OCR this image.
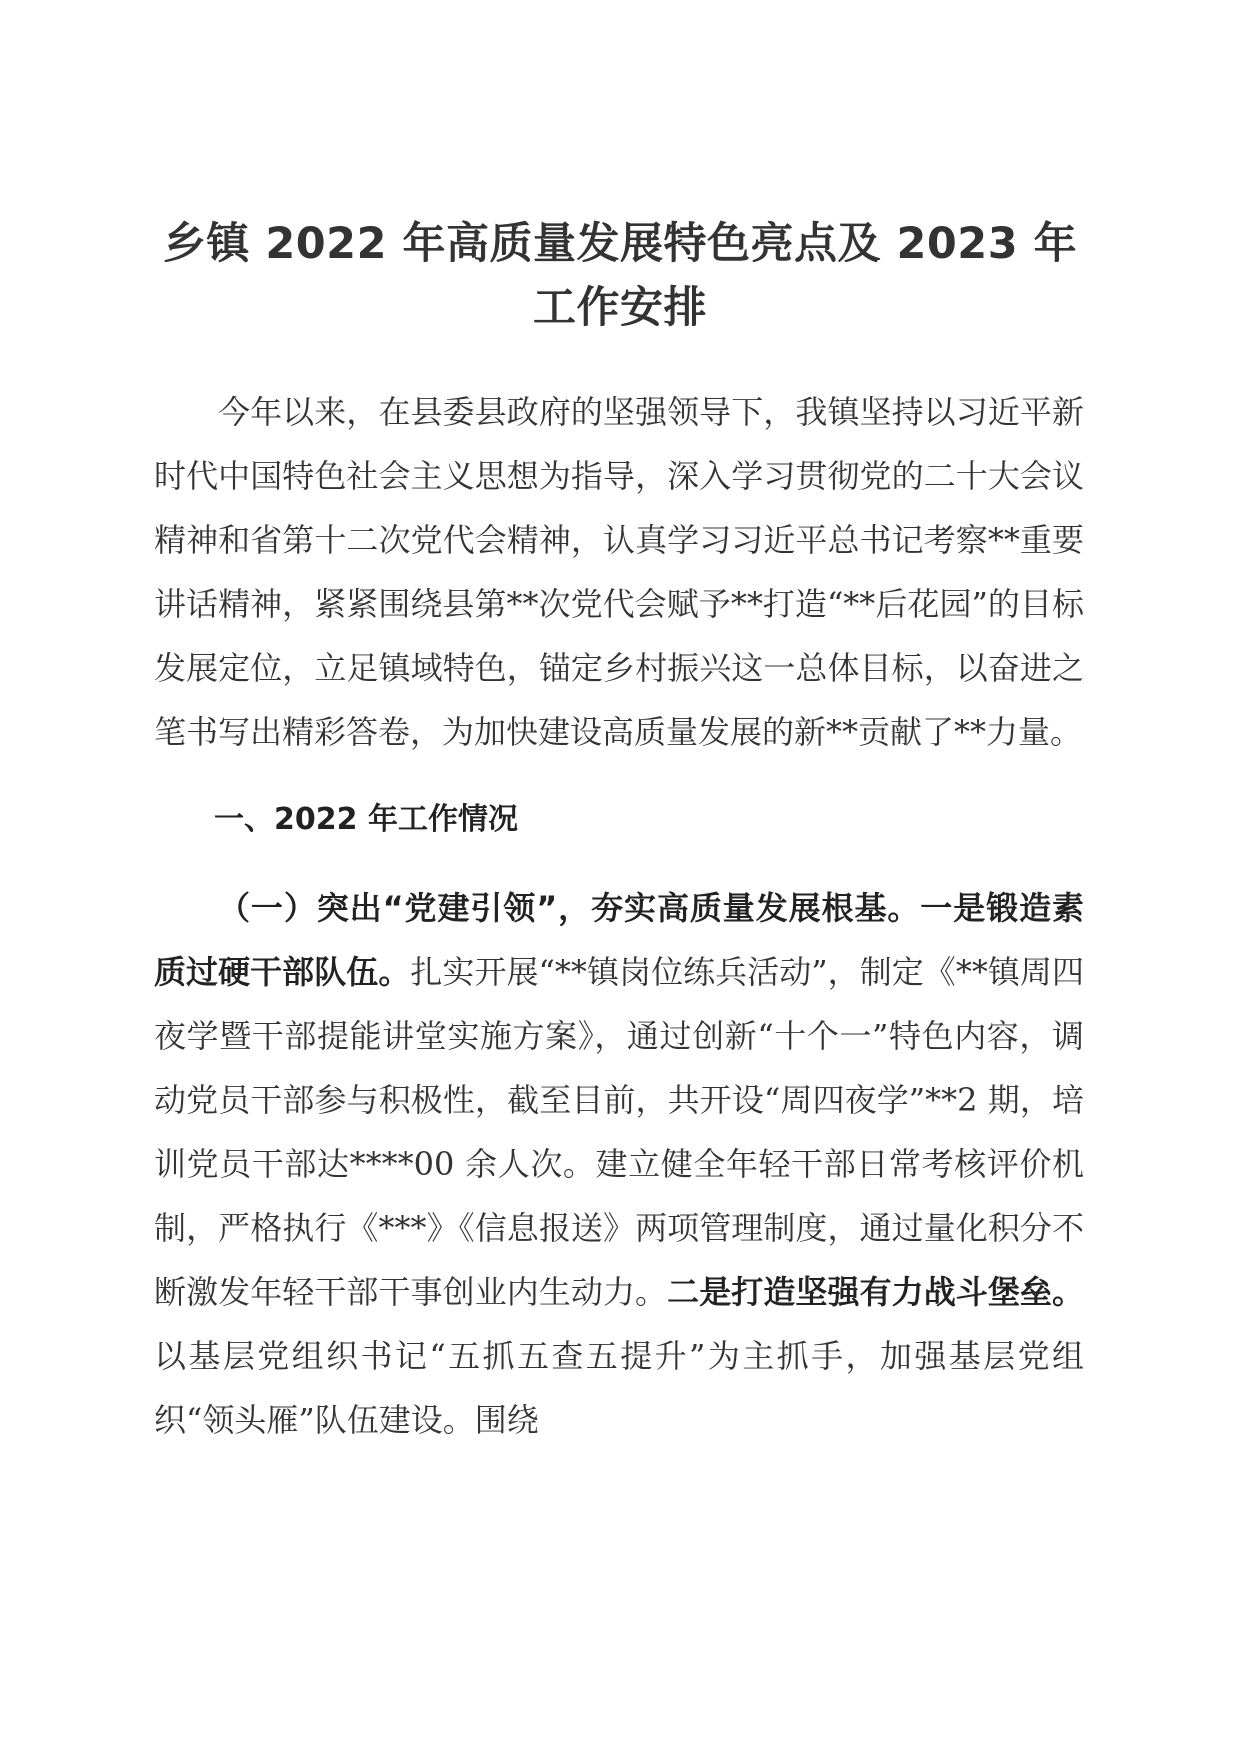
乡镇 2022 年高质量发展特色亮点及 2023 年
工作安排

今年以来，在县委县政府的坚强领导下，我镇坚持以习近平新时代中国特色社会主义思想为指导，深入学习贯彻党的二十大会议精神和省第十二次党代会精神，认真学习习近平总书记考察**重要讲话精神，紧紧围绕县第**次党代会赋予**打造“**后花园”的目标发展定位，立足镇域特色，锚定乡村振兴这一总体目标，以奋进之笔书写出精彩答卷，为加快建设高质量发展的新**贡献了**力量。

一、2022 年工作情况

（一）突出“党建引领”，夯实高质量发展根基。一是锻造素质过硬干部队伍。扎实开展“**镇岗位练兵活动”，制定《**镇周四夜学暨干部提能讲堂实施方案》，通过创新“十个一”特色内容，调动党员干部参与积极性，截至目前，共开设“周四夜学”**2 期，培训党员干部达****00 余人次。建立健全年轻干部日常考核评价机制，严格执行《***》《信息报送》两项管理制度，通过量化积分不断激发年轻干部干事创业内生动力。二是打造坚强有力战斗堡垒。以基层党组织书记“五抓五查五提升”为主抓手，加强基层党组织“领头雁”队伍建设。围绕
